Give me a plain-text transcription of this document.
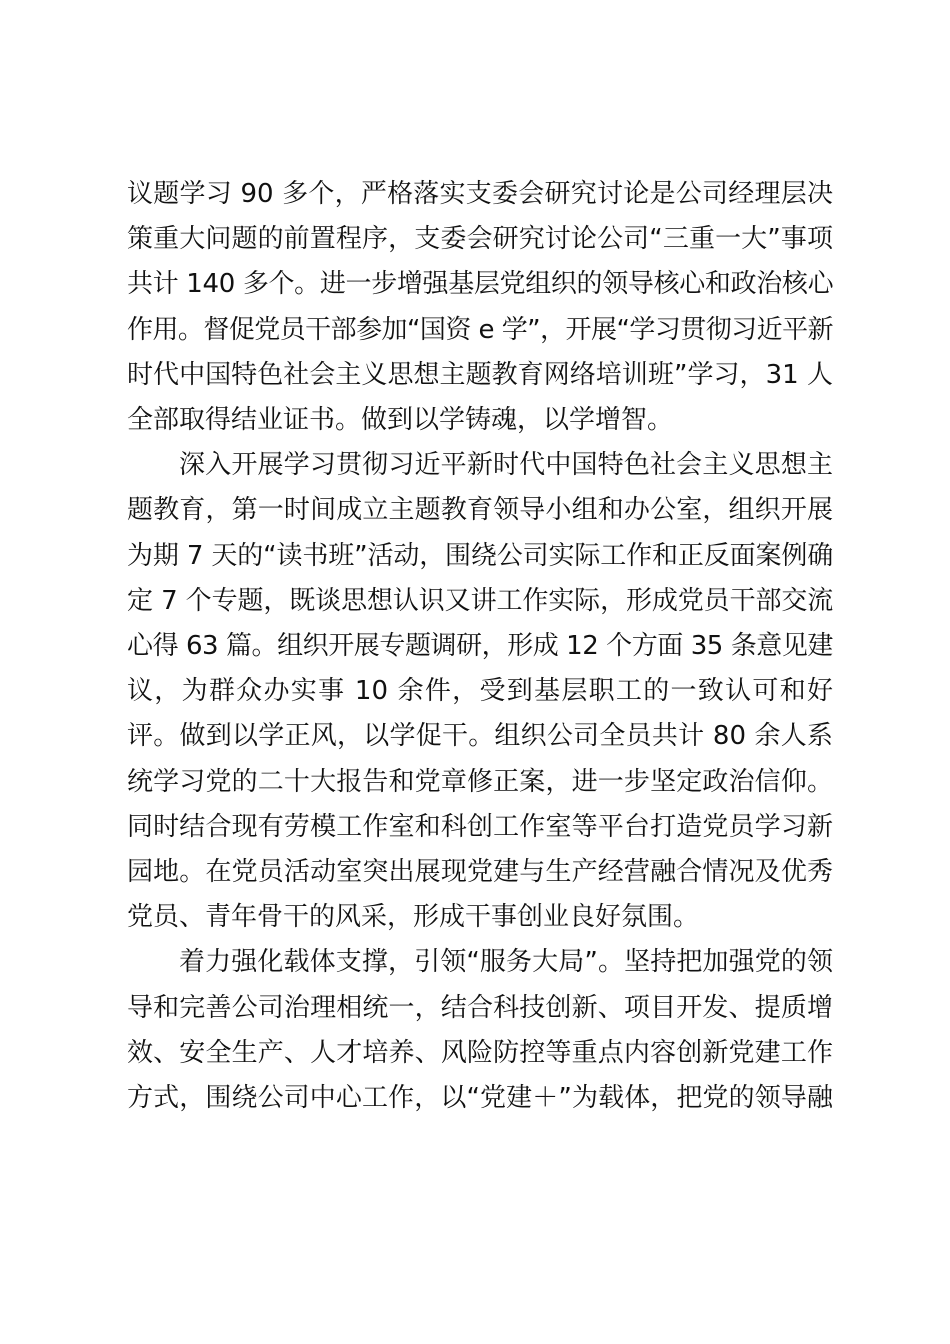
议题学习 90 多个，严格落实支委会研究讨论是公司经理层决
策重大问题的前置程序，支委会研究讨论公司“三重一大”事项
共计 140 多个。进一步增强基层党组织的领导核心和政治核心
作用。督促党员干部参加“国资 e 学”，开展“学习贯彻习近平新
时代中国特色社会主义思想主题教育网络培训班”学习，31 人
全部取得结业证书。做到以学铸魂，以学增智。

深入开展学习贯彻习近平新时代中国特色社会主义思想主
题教育，第一时间成立主题教育领导小组和办公室，组织开展
为期 7 天的“读书班”活动，围绕公司实际工作和正反面案例确
定 7 个专题，既谈思想认识又讲工作实际，形成党员干部交流
心得 63 篇。组织开展专题调研，形成 12 个方面 35 条意见建
议，为群众办实事 10 余件，受到基层职工的一致认可和好
评。做到以学正风，以学促干。组织公司全员共计 80 余人系
统学习党的二十大报告和党章修正案，进一步坚定政治信仰。
同时结合现有劳模工作室和科创工作室等平台打造党员学习新
园地。在党员活动室突出展现党建与生产经营融合情况及优秀
党员、青年骨干的风采，形成干事创业良好氛围。

着力强化载体支撑，引领“服务大局”。坚持把加强党的领
导和完善公司治理相统一，结合科技创新、项目开发、提质增
效、安全生产、人才培养、风险防控等重点内容创新党建工作
方式，围绕公司中心工作，以“党建＋”为载体，把党的领导融
